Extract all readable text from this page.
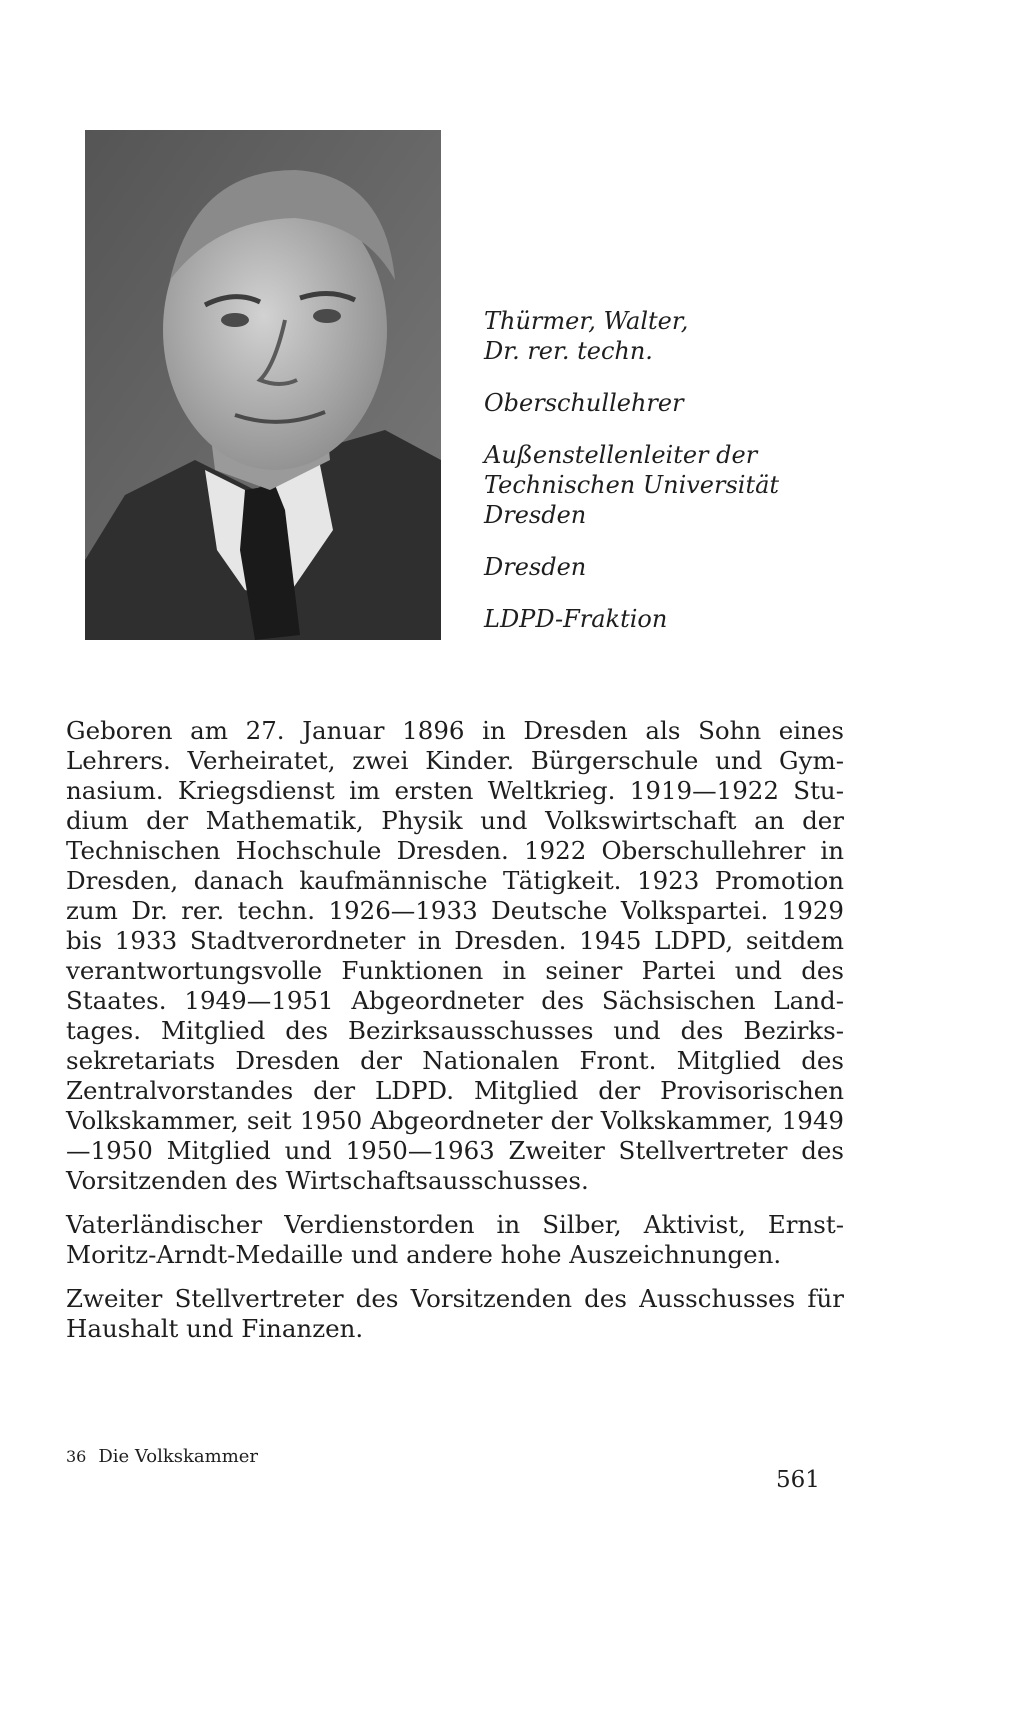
Thürmer, Walter,
Dr. rer. techn.
Oberschullehrer
Außenstellenleiter der
Technischen Universität
Dresden
Dresden
LDPD-Fraktion

Geboren am 27. Januar 1896 in Dresden als Sohn eines Lehrers. Verheiratet, zwei Kinder. Bürgerschule und Gymnasium. Kriegsdienst im ersten Weltkrieg. 1919—1922 Studium der Mathematik, Physik und Volkswirtschaft an der Technischen Hochschule Dresden. 1922 Oberschullehrer in Dresden, danach kaufmännische Tätigkeit. 1923 Promotion zum Dr. rer. techn. 1926—1933 Deutsche Volkspartei. 1929 bis 1933 Stadtverordneter in Dresden. 1945 LDPD, seitdem verantwortungsvolle Funktionen in seiner Partei und des Staates. 1949—1951 Abgeordneter des Sächsischen Landtages. Mitglied des Bezirksausschusses und des Bezirkssekretariats Dresden der Nationalen Front. Mitglied des Zentralvorstandes der LDPD. Mitglied der Provisorischen Volkskammer, seit 1950 Abgeordneter der Volkskammer, 1949—1950 Mitglied und 1950—1963 Zweiter Stellvertreter des Vorsitzenden des Wirtschaftsausschusses.

Vaterländischer Verdienstorden in Silber, Aktivist, Ernst-Moritz-Arndt-Medaille und andere hohe Auszeichnungen.

Zweiter Stellvertreter des Vorsitzenden des Ausschusses für Haushalt und Finanzen.

36 Die Volkskammer
561
